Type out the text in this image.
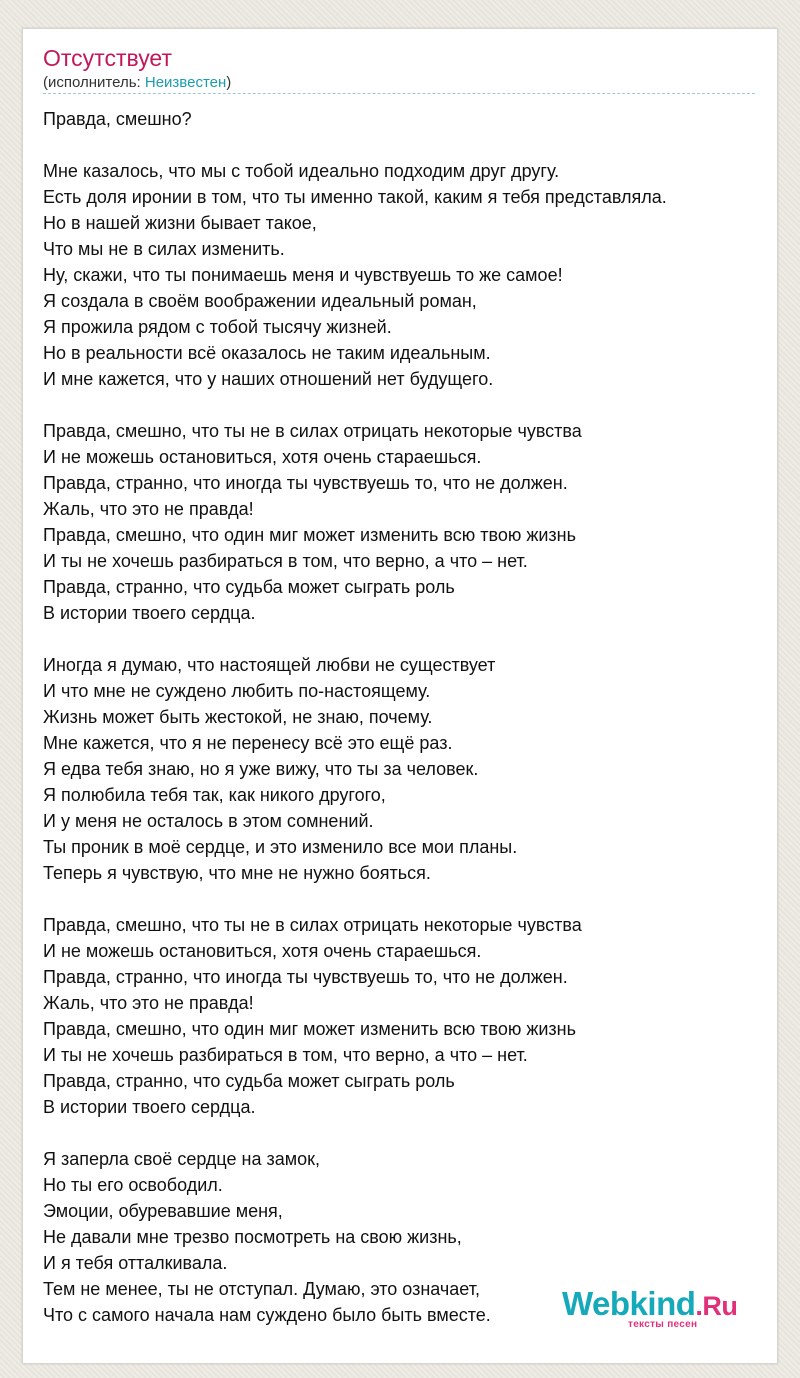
Отсутствует
(исполнитель: Неизвестен)
Правда, смешно?
Мне казалось, что мы с тобой идеально подходим друг другу.
Есть доля иронии в том, что ты именно такой, каким я тебя представляла.
Но в нашей жизни бывает такое,
Что мы не в силах изменить.
Ну, скажи, что ты понимаешь меня и чувствуешь то же самое!
Я создала в своём воображении идеальный роман,
Я прожила рядом с тобой тысячу жизней.
Но в реальности всё оказалось не таким идеальным.
И мне кажется, что у наших отношений нет будущего.
Правда, смешно, что ты не в силах отрицать некоторые чувства
И не можешь остановиться, хотя очень стараешься.
Правда, странно, что иногда ты чувствуешь то, что не должен.
Жаль, что это не правда!
Правда, смешно, что один миг может изменить всю твою жизнь
И ты не хочешь разбираться в том, что верно, а что – нет.
Правда, странно, что судьба может сыграть роль
В истории твоего сердца.
Иногда я думаю, что настоящей любви не существует
И что мне не суждено любить по-настоящему.
Жизнь может быть жестокой, не знаю, почему.
Мне кажется, что я не перенесу всё это ещё раз.
Я едва тебя знаю, но я уже вижу, что ты за человек.
Я полюбила тебя так, как никого другого,
И у меня не осталось в этом сомнений.
Ты проник в моё сердце, и это изменило все мои планы.
Теперь я чувствую, что мне не нужно бояться.
Правда, смешно, что ты не в силах отрицать некоторые чувства
И не можешь остановиться, хотя очень стараешься.
Правда, странно, что иногда ты чувствуешь то, что не должен.
Жаль, что это не правда!
Правда, смешно, что один миг может изменить всю твою жизнь
И ты не хочешь разбираться в том, что верно, а что – нет.
Правда, странно, что судьба может сыграть роль
В истории твоего сердца.
Я заперла своё сердце на замок,
Но ты его освободил.
Эмоции, обуревавшие меня,
Не давали мне трезво посмотреть на свою жизнь,
И я тебя отталкивала.
Тем не менее, ты не отступал. Думаю, это означает,
Что с самого начала нам суждено было быть вместе.	Webkind.Ru
тексты песен
